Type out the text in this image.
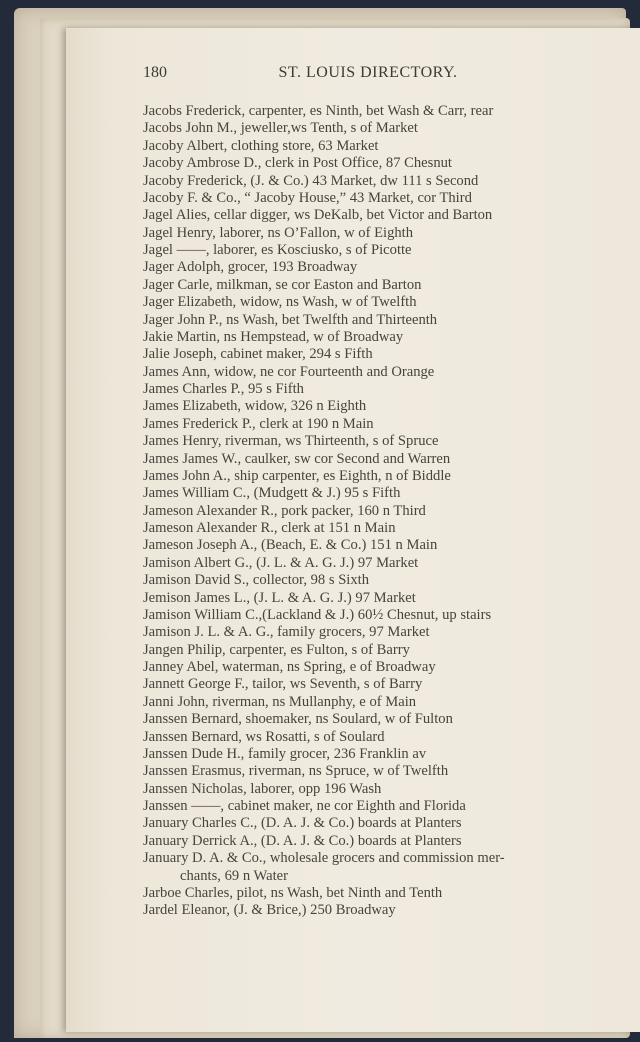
180	ST. LOUIS DIRECTORY.
Jacobs Frederick, carpenter, es Ninth, bet Wash & Carr, rear
Jacobs John M., jeweller,ws Tenth, s of Market
Jacoby Albert, clothing store, 63 Market
Jacoby Ambrose D., clerk in Post Office, 87 Chesnut
Jacoby Frederick, (J. & Co.) 43 Market, dw 111 s Second
Jacoby F. & Co., “ Jacoby House,” 43 Market, cor Third
Jagel Alies, cellar digger, ws DeKalb, bet Victor and Barton
Jagel Henry, laborer, ns O’Fallon, w of Eighth
Jagel ——, laborer, es Kosciusko, s of Picotte
Jager Adolph, grocer, 193 Broadway
Jager Carle, milkman, se cor Easton and Barton
Jager Elizabeth, widow, ns Wash, w of Twelfth
Jager John P., ns Wash, bet Twelfth and Thirteenth
Jakie Martin, ns Hempstead, w of Broadway
Jalie Joseph, cabinet maker, 294 s Fifth
James Ann, widow, ne cor Fourteenth and Orange
James Charles P., 95 s Fifth
James Elizabeth, widow, 326 n Eighth
James Frederick P., clerk at 190 n Main
James Henry, riverman, ws Thirteenth, s of Spruce
James James W., caulker, sw cor Second and Warren
James John A., ship carpenter, es Eighth, n of Biddle
James William C., (Mudgett & J.) 95 s Fifth
Jameson Alexander R., pork packer, 160 n Third
Jameson Alexander R., clerk at 151 n Main
Jameson Joseph A., (Beach, E. & Co.) 151 n Main
Jamison Albert G., (J. L. & A. G. J.) 97 Market
Jamison David S., collector, 98 s Sixth
Jemison James L., (J. L. & A. G. J.) 97 Market
Jamison William C.,(Lackland & J.) 60½ Chesnut, up stairs
Jamison J. L. & A. G., family grocers, 97 Market
Jangen Philip, carpenter, es Fulton, s of Barry
Janney Abel, waterman, ns Spring, e of Broadway
Jannett George F., tailor, ws Seventh, s of Barry
Janni John, riverman, ns Mullanphy, e of Main
Janssen Bernard, shoemaker, ns Soulard, w of Fulton
Janssen Bernard, ws Rosatti, s of Soulard
Janssen Dude H., family grocer, 236 Franklin av
Janssen Erasmus, riverman, ns Spruce, w of Twelfth
Janssen Nicholas, laborer, opp 196 Wash
Janssen ——, cabinet maker, ne cor Eighth and Florida
January Charles C., (D. A. J. & Co.) boards at Planters
January Derrick A., (D. A. J. & Co.) boards at Planters
January D. A. & Co., wholesale grocers and commission mer-
chants, 69 n Water
Jarboe Charles, pilot, ns Wash, bet Ninth and Tenth
Jardel Eleanor, (J. & Brice,) 250 Broadway
